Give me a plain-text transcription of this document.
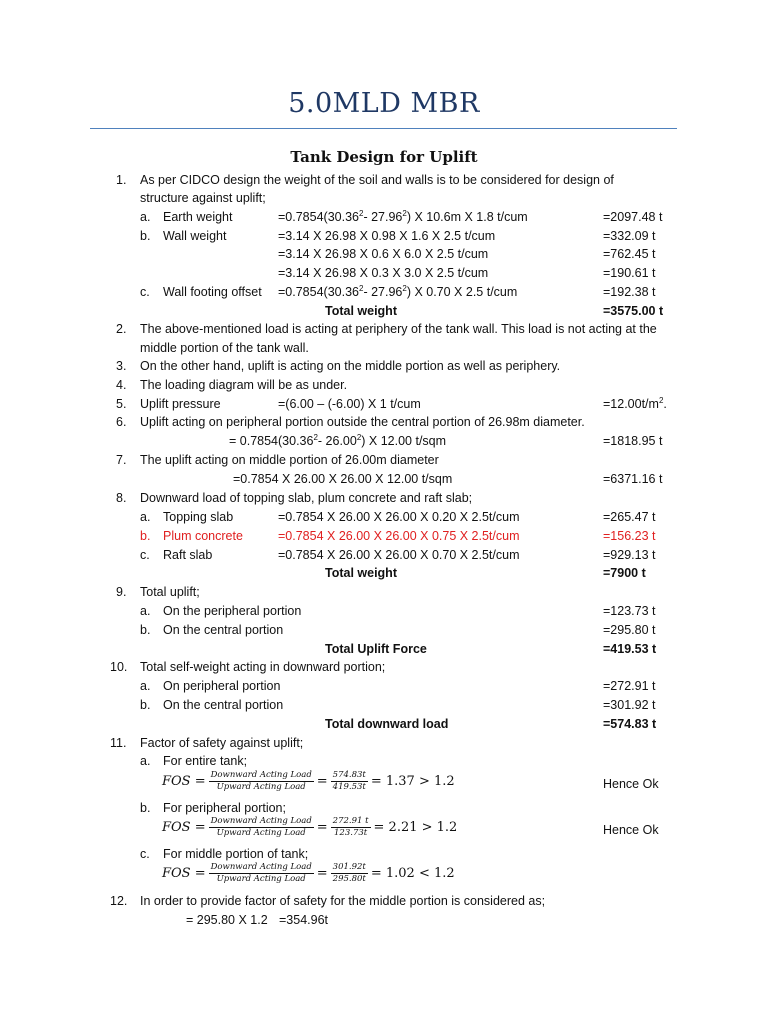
5.0MLD MBR
Tank Design for Uplift
1. As per CIDCO design the weight of the soil and walls is to be considered for design of
structure against uplift;
a. Earth weight	$=0.7854(30.36^2-$ 27.96$^2$) X 10.6m X 1.8 t/cum	=2097.48 t
b. Wall weight	=3.14 X 26.98 X 0.98 X 1.6 X 2.5 t/cum	=332.09 t
=3.14 X 26.98 X 0.6 X 6.0 X 2.5 t/cum	=762.45 t
=3.14 X 26.98 X 0.3 X 3.0 X 2.5 t/cum	=190.61 t
c. Wall footing offset $=0.7854(30.36^2-$ 27.96$^2$) X 0.70 X 2.5 t/cum	=192.38 t
Total weight	=3575.00 t
2. The above-mentioned load is acting at periphery of the tank wall. This load is not acting at the
middle portion of the tank wall.
3. On the other hand, uplift is acting on the middle portion as well as periphery.
4. The loading diagram will be as under.
5. Uplift pressure	=(6.00 – (-6.00) X 1 t/cum	$=12.00t/m^2$.
6. Uplift acting on peripheral portion outside the central portion of 26.98m diameter.
= $0.7854(30.36^2-$ 26.00$^2$) X 12.00 t/sqm	=1818.95 t
7. The uplift acting on middle portion of 26.00m diameter
=0.7854 X 26.00 X 26.00 X 12.00 t/sqm	=6371.16 t
8. Downward load of topping slab, plum concrete and raft slab;
a. Topping slab	=0.7854 X 26.00 X 26.00 X 0.20 X 2.5t/cum	=265.47 t
b. Plum concrete	=0.7854 X 26.00 X 26.00 X 0.75 X 2.5t/cum	=156.23 t
c. Raft slab	=0.7854 X 26.00 X 26.00 X 0.70 X 2.5t/cum	=929.13 t
Total weight	=7900 t
9. Total uplift;
a. On the peripheral portion	=123.73 t
b. On the central portion	=295.80 t
Total Uplift Force	=419.53 t
10. Total self-weight acting in downward portion;
a. On peripheral portion	=272.91 t
b. On the central portion	=301.92 t
Total downward load	=574.83 t
11. Factor of safety against uplift;
a. For entire tank;
FOS = $\frac{\text{Downward Acting Load}}{\text{Upward Acting Load}} = \frac{574.83t}{419.53t} = 1.37 > 1.2$	Hence Ok
b. For peripheral portion;
FOS = $\frac{\text{Downward Acting Load}}{\text{Upward Acting Load}} = \frac{272.91 t}{123.73t} = 2.21 > 1.2$	Hence Ok
c. For middle portion of tank;
FOS = $\frac{\text{Downward Acting Load}}{\text{Upward Acting Load}} = \frac{301.92t}{295.80t} = 1.02 < 1.2$
12. In order to provide factor of safety for the middle portion is considered as;
= 295.80 X 1.2 =354.96t
